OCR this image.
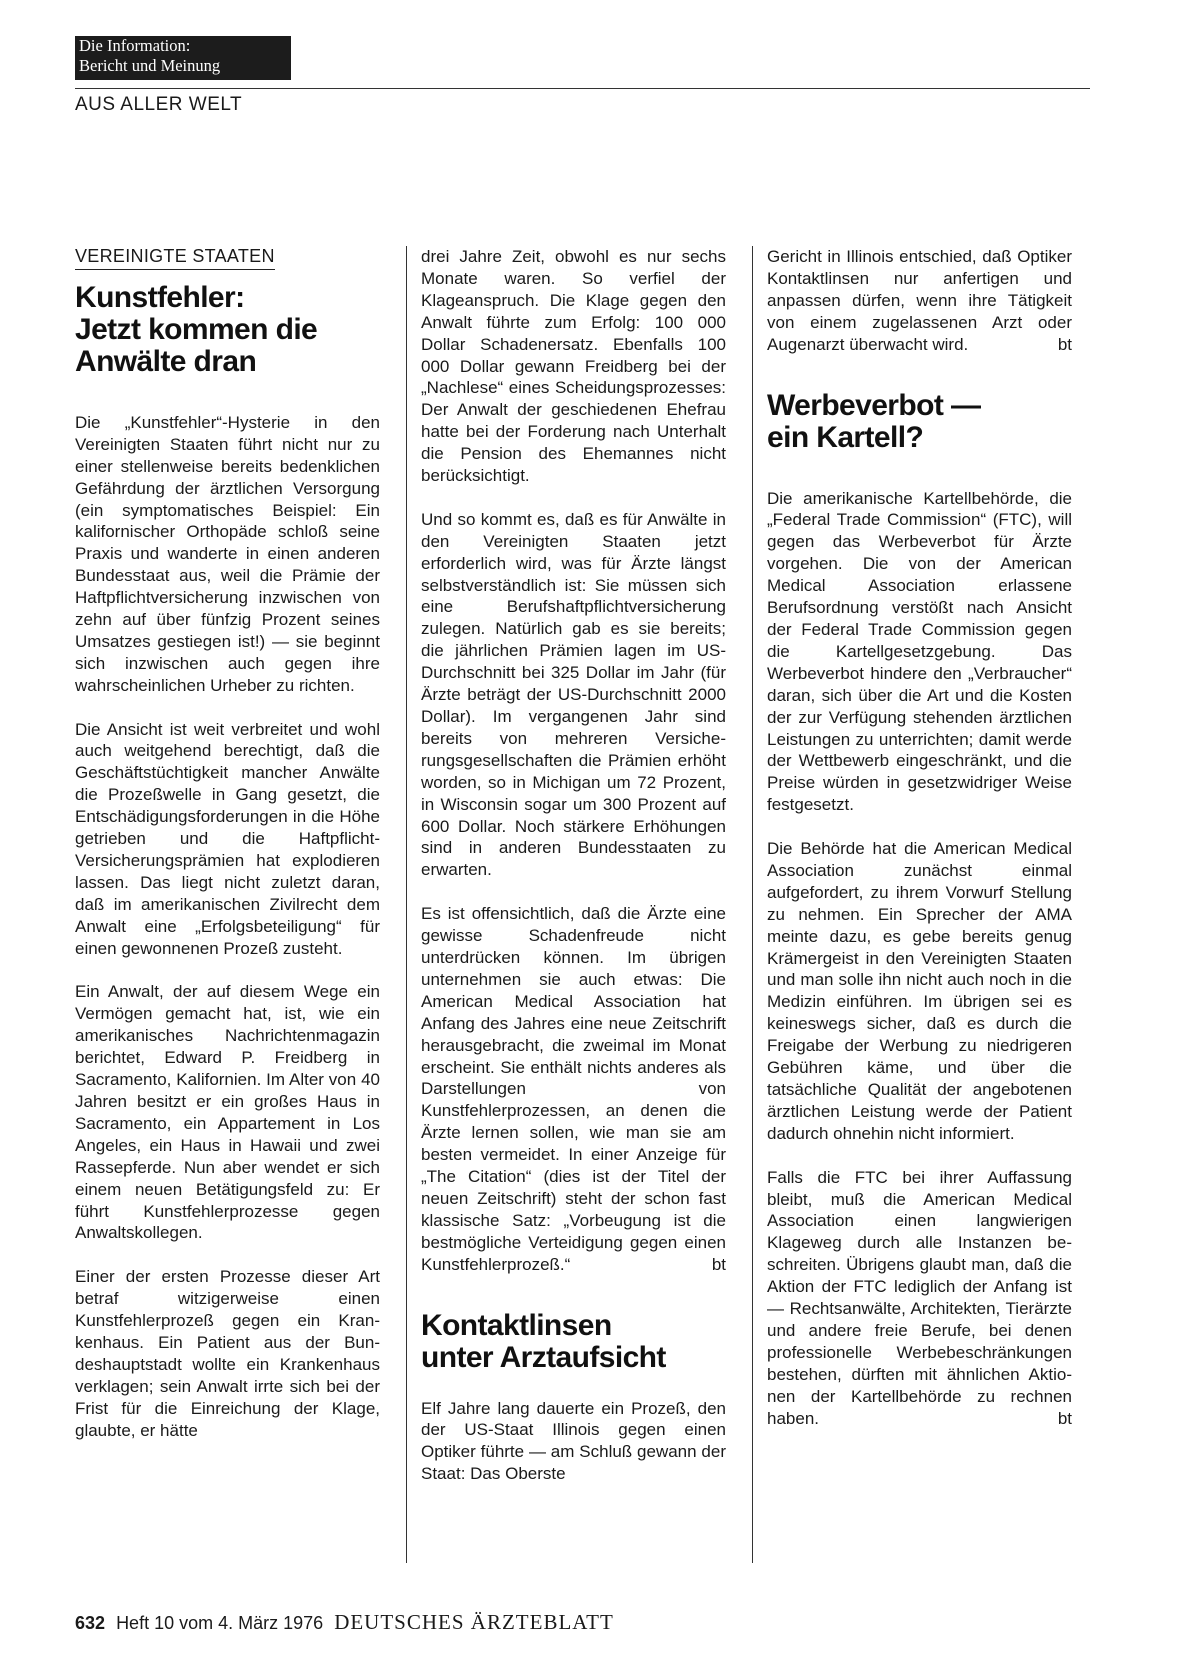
Die Information:
Bericht und Meinung
AUS ALLER WELT
VEREINIGTE STAATEN
Kunstfehler:
Jetzt kommen die
Anwälte dran

Die „Kunstfehler“-Hysterie in den Vereinigten Staaten führt nicht nur zu einer stellenweise bereits bedenklichen Gefährdung der ärztlichen Versorgung (ein symptomatisches Beispiel: Ein kalifornischer Orthopäde schloß seine Praxis und wanderte in einen anderen Bundesstaat aus, weil die Prämie der Haftpflichtversicherung inzwischen von zehn auf über fünfzig Prozent seines Umsatzes gestiegen ist!) — sie beginnt sich inzwischen auch gegen ihre wahrscheinlichen Urheber zu richten.

Die Ansicht ist weit verbreitet und wohl auch weitgehend berechtigt, daß die Geschäftstüchtigkeit mancher Anwälte die Prozeßwelle in Gang gesetzt, die Entschädigungsforderungen in die Höhe getrieben und die Haftpflicht-Versicherungsprämien hat explodieren lassen. Das liegt nicht zuletzt daran, daß im amerikanischen Zivilrecht dem Anwalt eine „Erfolgsbeteiligung“ für einen gewonnenen Prozeß zusteht.

Ein Anwalt, der auf diesem Wege ein Vermögen gemacht hat, ist, wie ein amerikanisches Nachrichtenmagazin berichtet, Edward P. Freidberg in Sacramento, Kalifornien. Im Alter von 40 Jahren besitzt er ein großes Haus in Sacramento, ein Appartement in Los Angeles, ein Haus in Hawaii und zwei Rassepferde. Nun aber wendet er sich einem neuen Betätigungsfeld zu: Er führt Kunstfehlerprozesse gegen Anwaltskollegen.

Einer der ersten Prozesse dieser Art betraf witzigerweise einen Kunstfehlerprozeß gegen ein Krankenhaus. Ein Patient aus der Bundeshauptstadt wollte ein Krankenhaus verklagen; sein Anwalt irrte sich bei der Frist für die Einreichung der Klage, glaubte, er hätte

drei Jahre Zeit, obwohl es nur sechs Monate waren. So verfiel der Klageanspruch. Die Klage gegen den Anwalt führte zum Erfolg: 100 000 Dollar Schadenersatz. Ebenfalls 100 000 Dollar gewann Freidberg bei der „Nachlese“ eines Scheidungsprozesses: Der Anwalt der geschiedenen Ehefrau hatte bei der Forderung nach Unterhalt die Pension des Ehemannes nicht berücksichtigt.

Und so kommt es, daß es für Anwälte in den Vereinigten Staaten jetzt erforderlich wird, was für Ärzte längst selbstverständlich ist: Sie müssen sich eine Berufshaftpflichtversicherung zulegen. Natürlich gab es sie bereits; die jährlichen Prämien lagen im US-Durchschnitt bei 325 Dollar im Jahr (für Ärzte beträgt der US-Durchschnitt 2000 Dollar). Im vergangenen Jahr sind bereits von mehreren Versicherungsgesellschaften die Prämien erhöht worden, so in Michigan um 72 Prozent, in Wisconsin sogar um 300 Prozent auf 600 Dollar. Noch stärkere Erhöhungen sind in anderen Bundesstaaten zu erwarten.

Es ist offensichtlich, daß die Ärzte eine gewisse Schadenfreude nicht unterdrücken können. Im übrigen unternehmen sie auch etwas: Die American Medical Association hat Anfang des Jahres eine neue Zeitschrift herausgebracht, die zweimal im Monat erscheint. Sie enthält nichts anderes als Darstellungen von Kunstfehlerprozessen, an denen die Ärzte lernen sollen, wie man sie am besten vermeidet. In einer Anzeige für „The Citation“ (dies ist der Titel der neuen Zeitschrift) steht der schon fast klassische Satz: „Vorbeugung ist die bestmögliche Verteidigung gegen einen Kunstfehlerprozeß.“	bt

Kontaktlinsen
unter Arztaufsicht

Elf Jahre lang dauerte ein Prozeß, den der US-Staat Illinois gegen einen Optiker führte — am Schluß gewann der Staat: Das Oberste

Gericht in Illinois entschied, daß Optiker Kontaktlinsen nur anfertigen und anpassen dürfen, wenn ihre Tätigkeit von einem zugelassenen Arzt oder Augenarzt überwacht wird.	bt

Werbeverbot —
ein Kartell?

Die amerikanische Kartellbehörde, die „Federal Trade Commission“ (FTC), will gegen das Werbeverbot für Ärzte vorgehen. Die von der American Medical Association erlassene Berufsordnung verstößt nach Ansicht der Federal Trade Commission gegen die Kartellgesetzgebung. Das Werbeverbot hindere den „Verbraucher“ daran, sich über die Art und die Kosten der zur Verfügung stehenden ärztlichen Leistungen zu unterrichten; damit werde der Wettbewerb eingeschränkt, und die Preise würden in gesetzwidriger Weise festgesetzt.

Die Behörde hat die American Medical Association zunächst einmal aufgefordert, zu ihrem Vorwurf Stellung zu nehmen. Ein Sprecher der AMA meinte dazu, es gebe bereits genug Krämergeist in den Vereinigten Staaten und man solle ihn nicht auch noch in die Medizin einführen. Im übrigen sei es keineswegs sicher, daß es durch die Freigabe der Werbung zu niedrigeren Gebühren käme, und über die tatsächliche Qualität der angebotenen ärztlichen Leistung werde der Patient dadurch ohnehin nicht informiert.

Falls die FTC bei ihrer Auffassung bleibt, muß die American Medical Association einen langwierigen Klageweg durch alle Instanzen beschreiten. Übrigens glaubt man, daß die Aktion der FTC lediglich der Anfang ist — Rechtsanwälte, Architekten, Tierärzte und andere freie Berufe, bei denen professionelle Werbebeschränkungen bestehen, dürften mit ähnlichen Aktionen der Kartellbehörde zu rechnen haben.	bt

632 Heft 10 vom 4. März 1976 DEUTSCHES ÄRZTEBLATT
